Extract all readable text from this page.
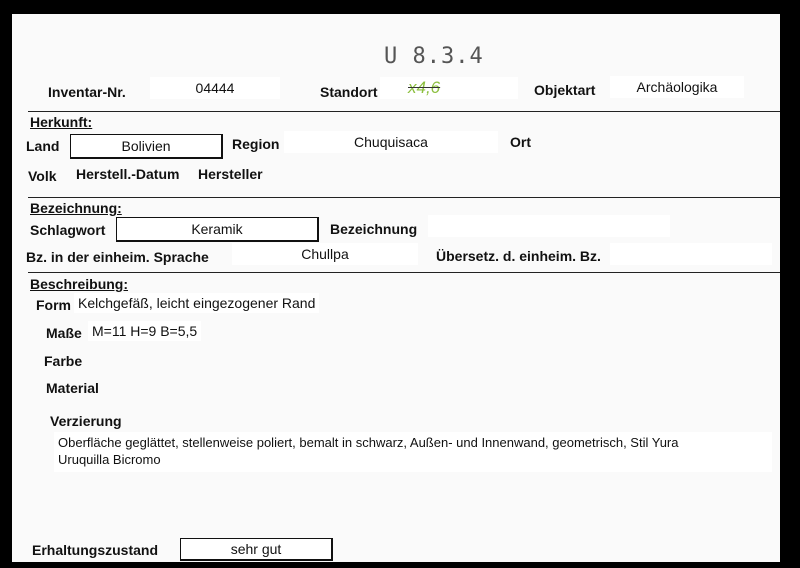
U 8.3.4
Inventar-Nr.	04444	Standort x4,6	Objektart	Archäologika
Herkunft:
Land	Bolivien	Region	Chuquisaca	Ort
Volk Herstell.-Datum Hersteller
Bezeichnung:
Schlagwort	Keramik	Bezeichnung
Bz. in der einheim. Sprache	Chullpa	Übersetz. d. einheim. Bz.
Beschreibung:
Form Kelchgefäß, leicht eingezogener Rand
Maße M=11 H=9 B=5,5
Farbe
Material
Verzierung
Oberfläche geglättet, stellenweise poliert, bemalt in schwarz, Außen- und Innenwand, geometrisch, Stil Yura
Uruquilla Bicromo
Erhaltungszustand	sehr gut
